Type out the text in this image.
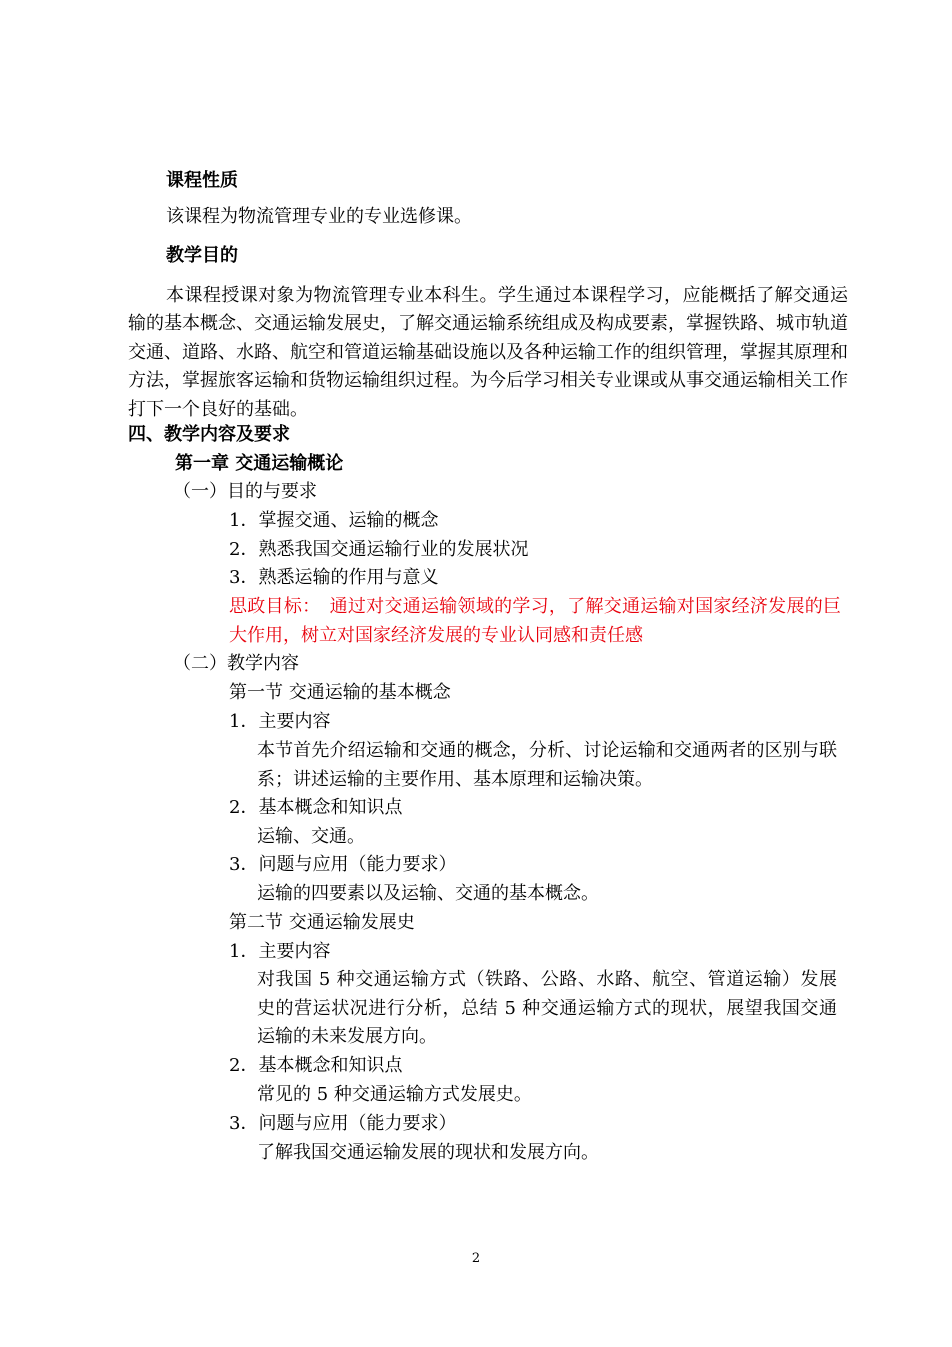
课程性质
该课程为物流管理专业的专业选修课。
教学目的
本课程授课对象为物流管理专业本科生。学生通过本课程学习，应能概括了解交通运输的基本概念、交通运输发展史，了解交通运输系统组成及构成要素，掌握铁路、城市轨道交通、道路、水路、航空和管道运输基础设施以及各种运输工作的组织管理，掌握其原理和方法，掌握旅客运输和货物运输组织过程。为今后学习相关专业课或从事交通运输相关工作打下一个良好的基础。
四、教学内容及要求
第一章 交通运输概论
（一）目的与要求
1．掌握交通、运输的概念
2．熟悉我国交通运输行业的发展状况
3．熟悉运输的作用与意义
思政目标：　通过对交通运输领域的学习，了解交通运输对国家经济发展的巨大作用，树立对国家经济发展的专业认同感和责任感
（二）教学内容
第一节 交通运输的基本概念
1．主要内容
本节首先介绍运输和交通的概念，分析、讨论运输和交通两者的区别与联系；讲述运输的主要作用、基本原理和运输决策。
2．基本概念和知识点
运输、交通。
3．问题与应用（能力要求）
运输的四要素以及运输、交通的基本概念。
第二节 交通运输发展史
1．主要内容
对我国 5 种交通运输方式（铁路、公路、水路、航空、管道运输）发展史的营运状况进行分析，总结 5 种交通运输方式的现状，展望我国交通运输的未来发展方向。
2．基本概念和知识点
常见的 5 种交通运输方式发展史。
3．问题与应用（能力要求）
了解我国交通运输发展的现状和发展方向。
2
